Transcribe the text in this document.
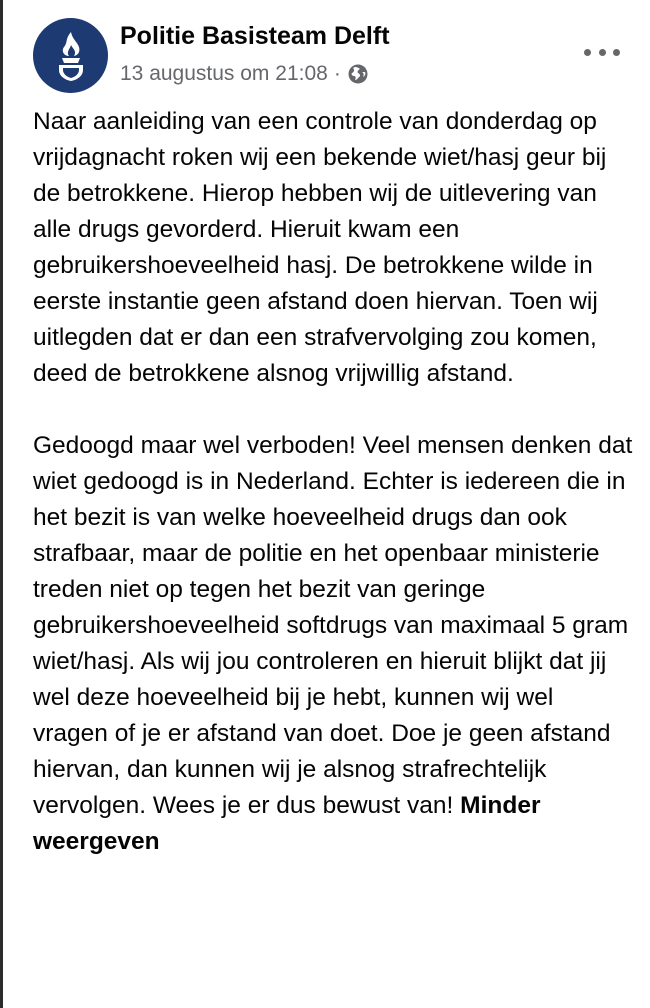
Politie Basisteam Delft
13 augustus om 21:08 ·

Naar aanleiding van een controle van donderdag op vrijdagnacht roken wij een bekende wiet/hasj geur bij de betrokkene. Hierop hebben wij de uitlevering van alle drugs gevorderd. Hieruit kwam een gebruikershoeveelheid hasj. De betrokkene wilde in eerste instantie geen afstand doen hiervan. Toen wij uitlegden dat er dan een strafvervolging zou komen, deed de betrokkene alsnog vrijwillig afstand.

Gedoogd maar wel verboden! Veel mensen denken dat wiet gedoogd is in Nederland. Echter is iedereen die in het bezit is van welke hoeveelheid drugs dan ook strafbaar, maar de politie en het openbaar ministerie treden niet op tegen het bezit van geringe gebruikershoeveelheid softdrugs van maximaal 5 gram wiet/hasj. Als wij jou controleren en hieruit blijkt dat jij wel deze hoeveelheid bij je hebt, kunnen wij wel vragen of je er afstand van doet. Doe je geen afstand hiervan, dan kunnen wij je alsnog strafrechtelijk vervolgen. Wees je er dus bewust van! Minder weergeven
